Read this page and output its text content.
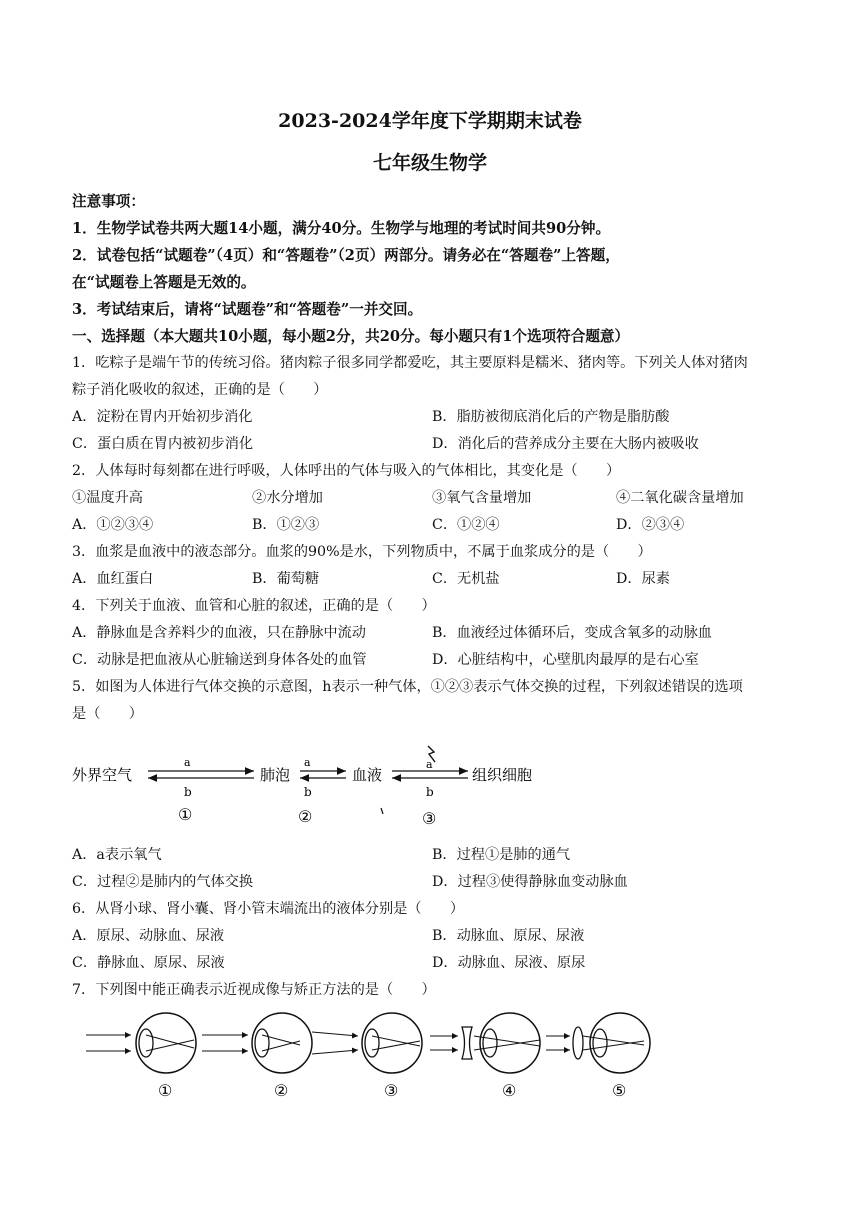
2023-2024学年度下学期期末试卷
七年级生物学
注意事项：
1．生物学试卷共两大题14小题，满分40分。生物学与地理的考试时间共90分钟。
2．试卷包括“试题卷”（4页）和“答题卷”（2页）两部分。请务必在“答题卷”上答题，
在“试题卷上答题是无效的。
3．考试结束后，请将“试题卷”和“答题卷”一并交回。
一、选择题（本大题共10小题，每小题2分，共20分。每小题只有1个选项符合题意）
1．吃粽子是端午节的传统习俗。猪肉粽子很多同学都爱吃，其主要原料是糯米、猪肉等。下列关人体对猪肉
粽子消化吸收的叙述，正确的是（　　）
A．淀粉在胃内开始初步消化	B．脂肪被彻底消化后的产物是脂肪酸
C．蛋白质在胃内被初步消化	D．消化后的营养成分主要在大肠内被吸收
2．人体每时每刻都在进行呼吸，人体呼出的气体与吸入的气体相比，其变化是（　　）
①温度升高	②水分增加	③氧气含量增加	④二氧化碳含量增加
A．①②③④	B．①②③	C．①②④	D．②③④
3．血浆是血液中的液态部分。血浆的90%是水，下列物质中，不属于血浆成分的是（　　）
A．血红蛋白	B．葡萄糖	C．无机盐	D．尿素
4．下列关于血液、血管和心脏的叙述，正确的是（　　）
A．静脉血是含养料少的血液，只在静脉中流动	B．血液经过体循环后，变成含氧多的动脉血
C．动脉是把血液从心脏输送到身体各处的血管	D．心脏结构中，心壁肌肉最厚的是右心室
5．如图为人体进行气体交换的示意图，h表示一种气体，①②③表示气体交换的过程，下列叙述错误的选项
是（　　）
外界空气	肺泡	血液	组织细胞
a
b
①
a
b
②
a
b
③
A．a表示氧气	B．过程①是肺的通气
C．过程②是肺内的气体交换	D．过程③使得静脉血变动脉血
6．从肾小球、肾小囊、肾小管末端流出的液体分别是（　　）
A．原尿、动脉血、尿液	B．动脉血、原尿、尿液
C．静脉血、原尿、尿液	D．动脉血、尿液、原尿
7．下列图中能正确表示近视成像与矫正方法的是（　　）
①	②	③	④	⑤
